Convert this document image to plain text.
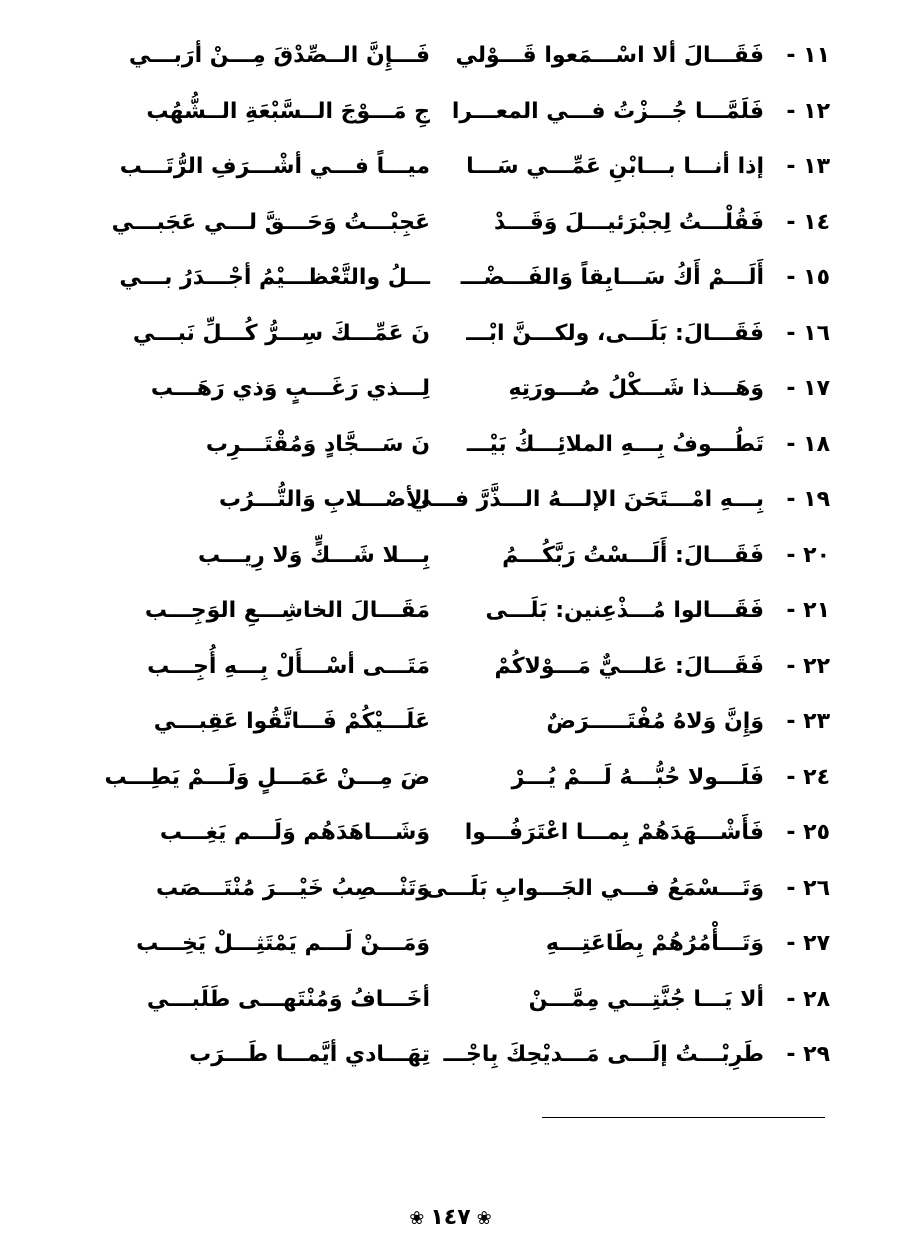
١١ -
فَقَـــالَ ألا اسْـــمَعوا قَـــوْلي
فَـــإِنَّ الــصِّدْقَ مِـــنْ أرَبـــي
١٢ -
فَلَمَّـــا جُـــزْتُ فـــي المعـــرا
جِ مَـــوْجَ الــسَّبْعَةِ الــشُّهُب
١٣ -
إذا أنـــا بـــابْنِ عَمِّـــي سَـــا
ميـــاً فـــي أشْـــرَفِ الرُّتَـــب
١٤ -
فَقُلْـــتُ لِجبْرَئيـــلَ وَقَـــدْ
عَجِبْـــتُ وَحَـــقَّ لـــي عَجَبـــي
١٥ -
أَلَـــمْ أَكُ سَـــابِقاً وَالفَـــضْـــ
ـــلُ والتَّعْظـــيْمُ أجْـــدَرُ بـــي
١٦ -
فَقَـــالَ: بَلَـــى، ولكـــنَّ ابْـــ
نَ عَمِّـــكَ سِـــرُّ كُـــلِّ نَبـــي
١٧ -
وَهَـــذا شَـــكْلُ صُـــورَتِهِ
لِـــذي رَغَـــبٍ وَذي رَهَـــب
١٨ -
تَطُـــوفُ بِـــهِ الملائِـــكُ بَيْـــ
نَ سَـــجَّادٍ وَمُقْتَـــرِب
١٩ -
بِـــهِ امْـــتَحَنَ الإلـــهُ الـــذَّرَّ فـــي
الأصْـــلابِ وَالتُّـــرُب
٢٠ -
فَقَـــالَ: أَلَـــسْتُ رَبَّكُـــمُ
بِـــلا شَـــكٍّ وَلا رِيـــب
٢١ -
فَقَـــالوا مُـــذْعِنين: بَلَـــى
مَقَـــالَ الخاشِـــعِ الوَجِـــب
٢٢ -
فَقَـــالَ: عَلـــيٌّ مَـــوْلاكُمْ
مَتَـــى أسْـــأَلْ بِـــهِ أُجِـــب
٢٣ -
وَإِنَّ وَلاهُ مُفْتَـــــرَضٌ
عَلَـــيْكُمْ فَـــاتَّقُوا عَقِبـــي
٢٤ -
فَلَـــولا حُبُّـــهُ لَـــمْ يُـــرْ
ضَ مِـــنْ عَمَـــلٍ وَلَـــمْ يَطِـــب
٢٥ -
فَأَشْـــهَدَهُمْ بِمـــا اعْتَرَفُـــوا
وَشَـــاهَدَهُم وَلَـــم يَغِـــب
٢٦ -
وَتَـــسْمَعُ فـــي الجَـــوابِ بَلَـــى
وَتَنْـــصِبُ خَيْـــرَ مُنْتَـــصَب
٢٧ -
وَتَـــأْمُرُهُمْ بِطَاعَتِـــهِ
وَمَـــنْ لَـــم يَمْتَثِـــلْ يَخِـــب
٢٨ -
ألا يَـــا جُنَّتِـــي مِمَّـــنْ
أخَـــافُ وَمُنْتَهـــى طَلَبـــي
٢٩ -
طَرِبْـــتُ إلَـــى مَـــديْحِكَ بِاجْـــ
تِهَـــادي أيَّمـــا طَـــرَب
❀١٤٧❀
